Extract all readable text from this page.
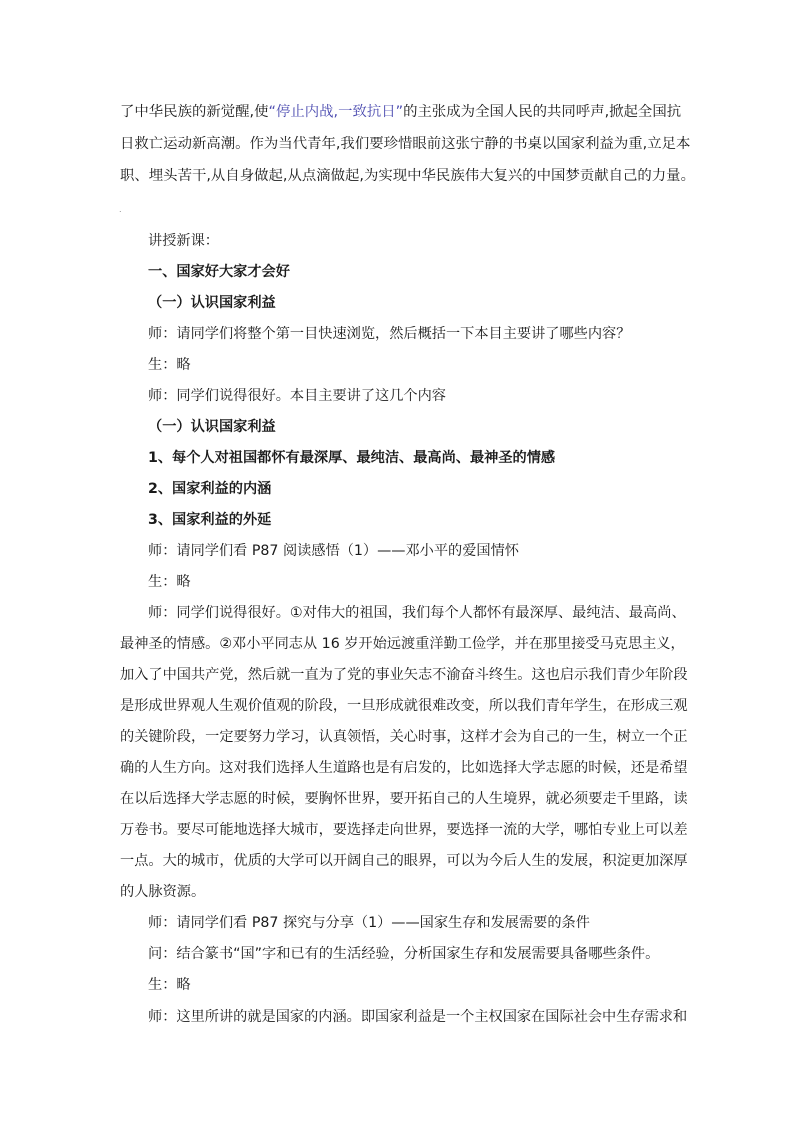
了中华民族的新觉醒,使“停止内战,一致抗日”的主张成为全国人民的共同呼声,掀起全国抗

日救亡运动新高潮。作为当代青年,我们要珍惜眼前这张宁静的书桌以国家利益为重,立足本

职、埋头苦干,从自身做起,从点滴做起,为实现中华民族伟大复兴的中国梦贡献自己的力量。

.
讲授新课：
一、国家好大家才会好
（一）认识国家利益
师：请同学们将整个第一目快速浏览，然后概括一下本目主要讲了哪些内容？
生：略
师：同学们说得很好。本目主要讲了这几个内容
（一）认识国家利益
1、每个人对祖国都怀有最深厚、最纯洁、最高尚、最神圣的情感
2、国家利益的内涵
3、国家利益的外延
师：请同学们看 P87 阅读感悟（1）——邓小平的爱国情怀
生：略

师：同学们说得很好。①对伟大的祖国，我们每个人都怀有最深厚、最纯洁、最高尚、

最神圣的情感。②邓小平同志从 16 岁开始远渡重洋勤工俭学，并在那里接受马克思主义，

加入了中国共产党，然后就一直为了党的事业矢志不渝奋斗终生。这也启示我们青少年阶段

是形成世界观人生观价值观的阶段，一旦形成就很难改变，所以我们青年学生，在形成三观

的关键阶段，一定要努力学习，认真领悟，关心时事，这样才会为自己的一生，树立一个正

确的人生方向。这对我们选择人生道路也是有启发的，比如选择大学志愿的时候，还是希望

在以后选择大学志愿的时候，要胸怀世界，要开拓自己的人生境界，就必须要走千里路，读

万卷书。要尽可能地选择大城市，要选择走向世界，要选择一流的大学，哪怕专业上可以差

一点。大的城市，优质的大学可以开阔自己的眼界，可以为今后人生的发展，积淀更加深厚

的人脉资源。

师：请同学们看 P87 探究与分享（1）——国家生存和发展需要的条件
问：结合篆书“国”字和已有的生活经验，分析国家生存和发展需要具备哪些条件。
生：略
师：这里所讲的就是国家的内涵。即国家利益是一个主权国家在国际社会中生存需求和
